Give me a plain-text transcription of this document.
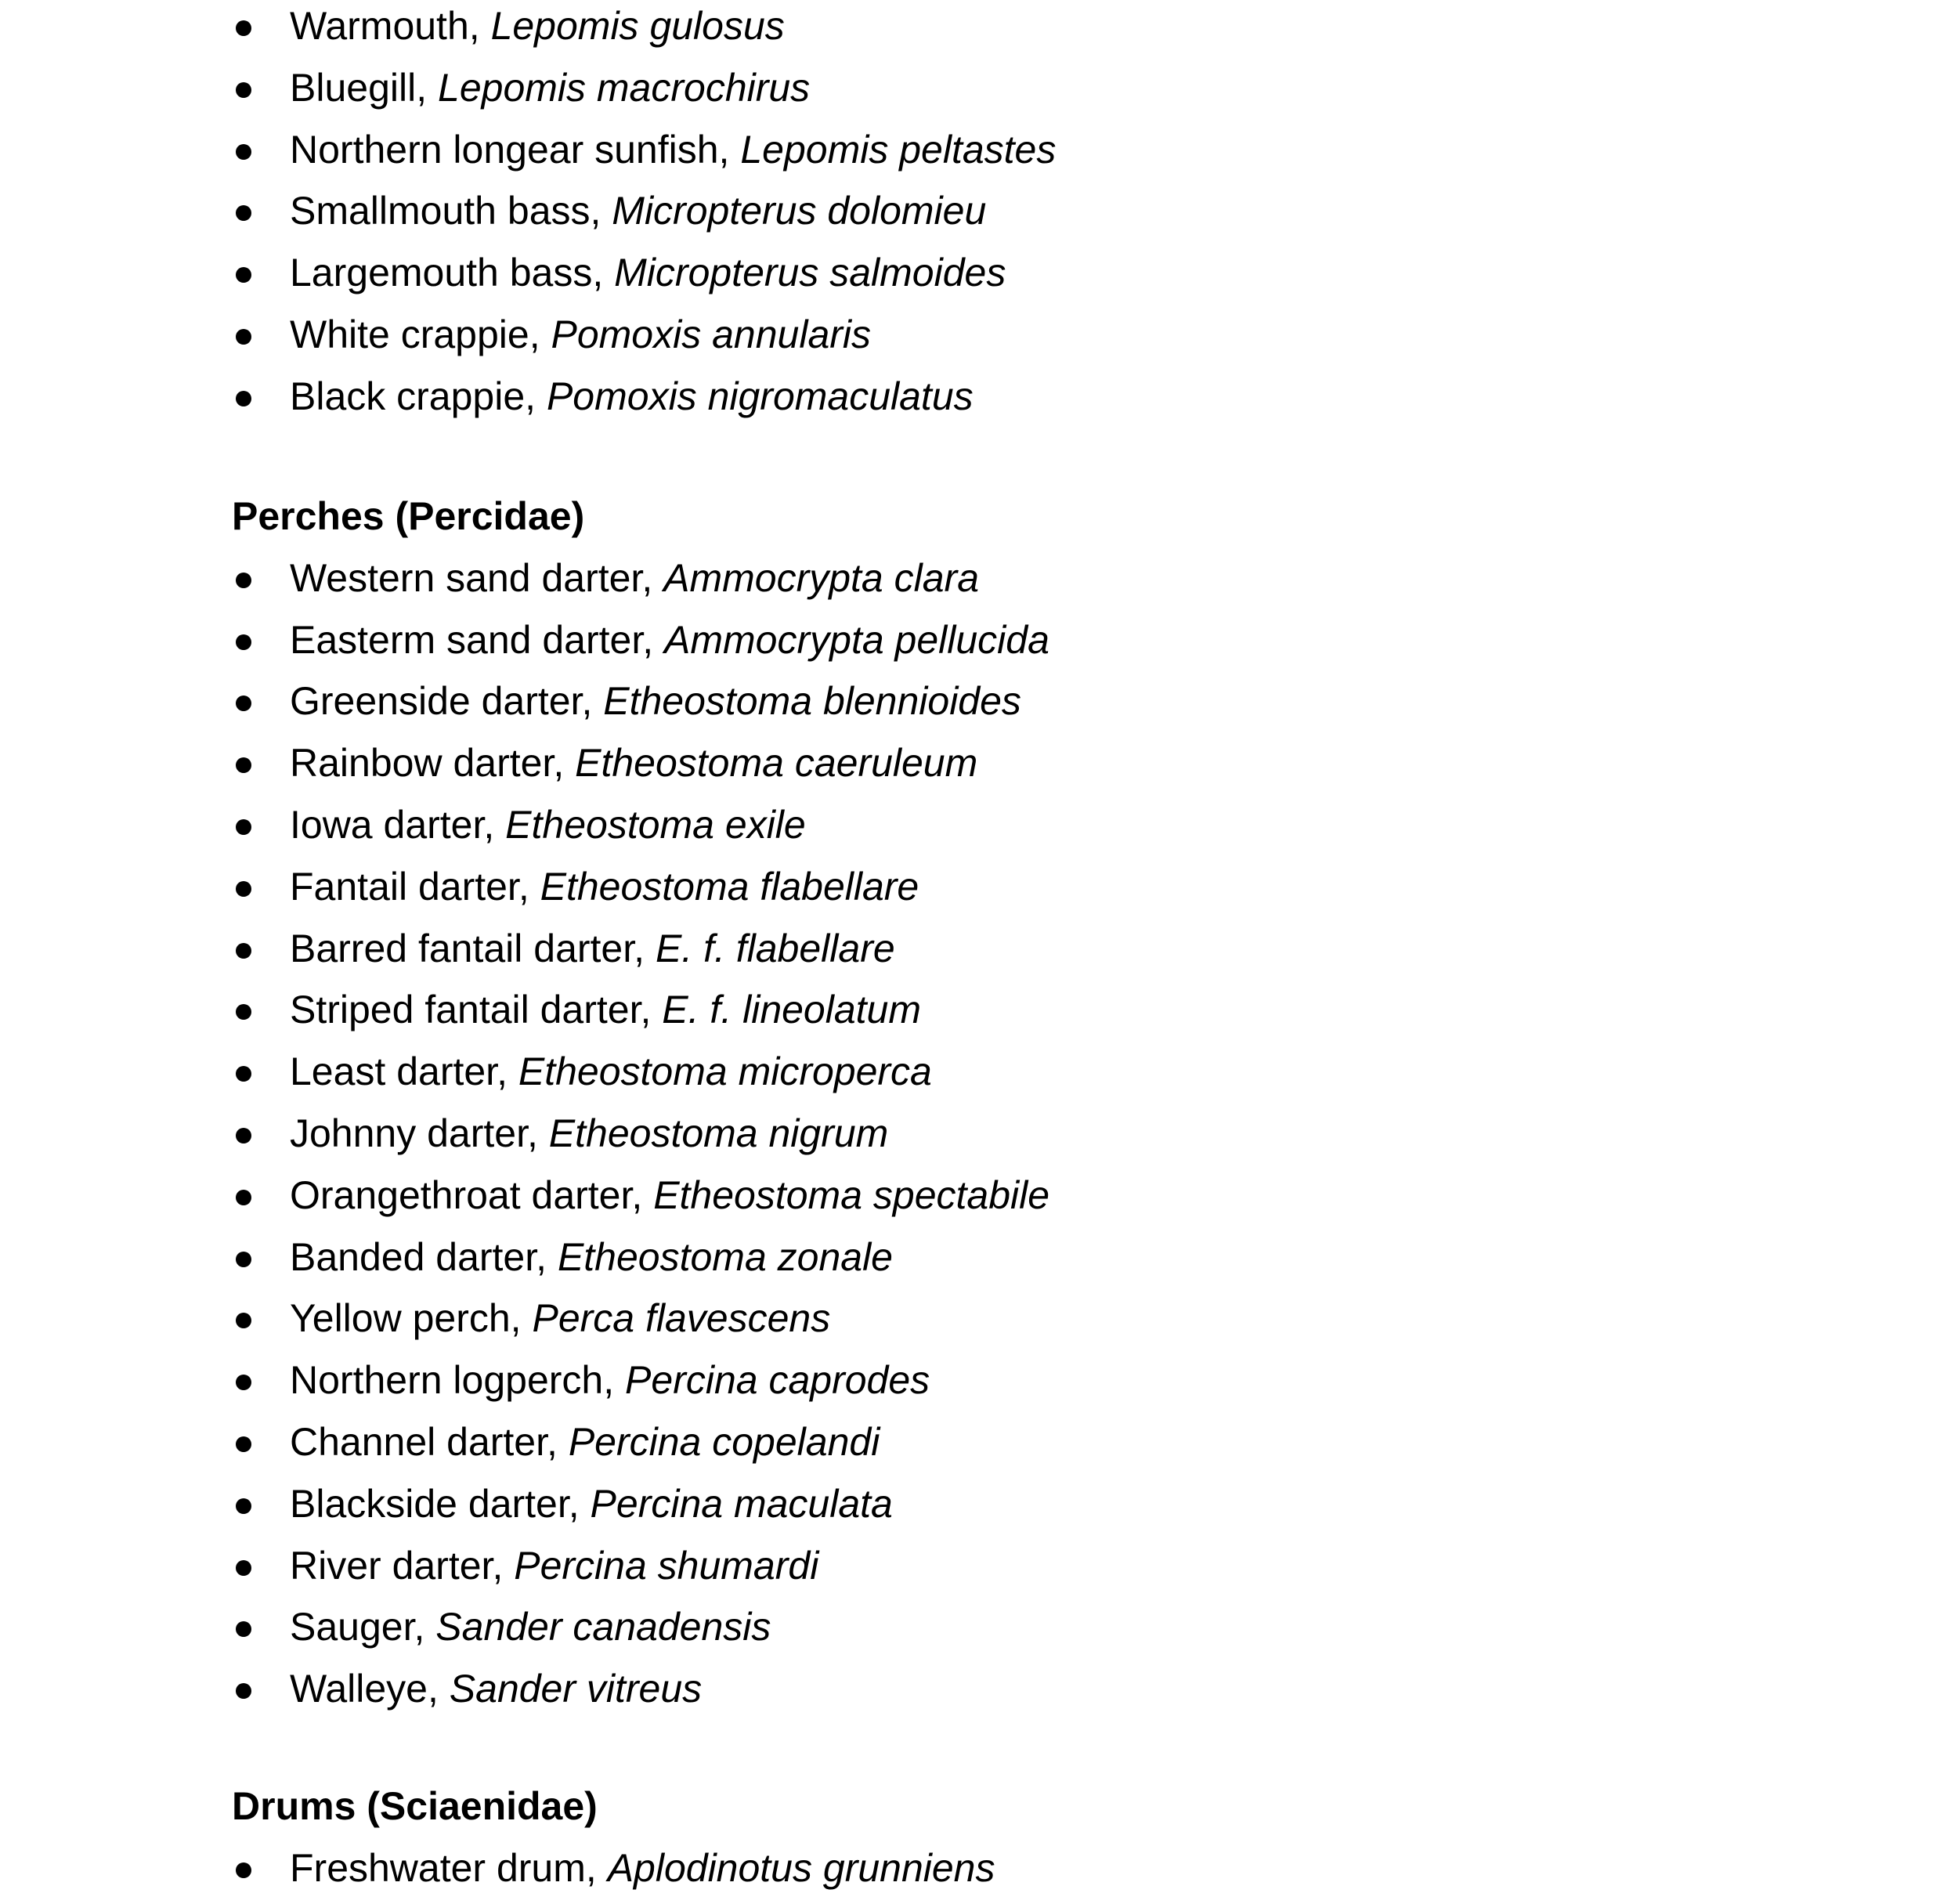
Warmouth, Lepomis gulosus
Bluegill, Lepomis macrochirus
Northern longear sunfish, Lepomis peltastes
Smallmouth bass, Micropterus dolomieu
Largemouth bass, Micropterus salmoides
White crappie, Pomoxis annularis
Black crappie, Pomoxis nigromaculatus
Perches (Percidae)
Western sand darter, Ammocrypta clara
Easterm sand darter, Ammocrypta pellucida
Greenside darter, Etheostoma blennioides
Rainbow darter, Etheostoma caeruleum
Iowa darter, Etheostoma exile
Fantail darter, Etheostoma flabellare
Barred fantail darter, E. f. flabellare
Striped fantail darter, E. f. lineolatum
Least darter, Etheostoma microperca
Johnny darter, Etheostoma nigrum
Orangethroat darter, Etheostoma spectabile
Banded darter, Etheostoma zonale
Yellow perch, Perca flavescens
Northern logperch, Percina caprodes
Channel darter, Percina copelandi
Blackside darter, Percina maculata
River darter, Percina shumardi
Sauger, Sander canadensis
Walleye, Sander vitreus
Drums (Sciaenidae)
Freshwater drum, Aplodinotus grunniens
